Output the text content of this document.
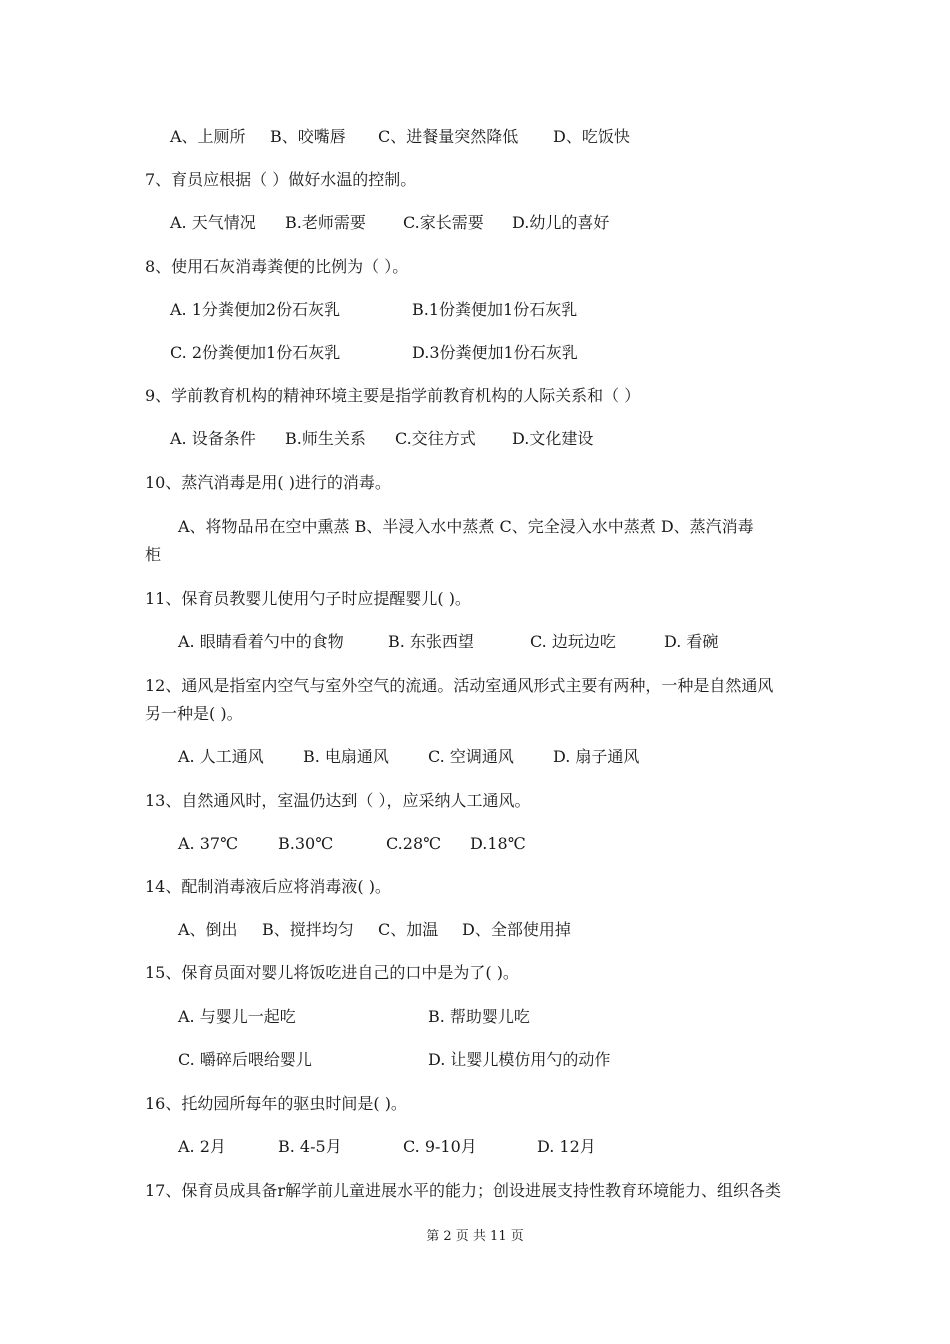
A、上厕所 B、咬嘴唇 C、进餐量突然降低 D、吃饭快
7、育员应根据（ ）做好水温的控制。
A. 天气情况 B.老师需要 C.家长需要 D.幼儿的喜好
8、使用石灰消毒粪便的比例为（ ）。
A. 1分粪便加2份石灰乳	B.1份粪便加1份石灰乳
C. 2份粪便加1份石灰乳	D.3份粪便加1份石灰乳
9、学前教育机构的精神环境主要是指学前教育机构的人际关系和（ ）
A. 设备条件 B.师生关系 C.交往方式 D.文化建设
10、蒸汽消毒是用( )进行的消毒。
A、将物品吊在空中熏蒸 B、半浸入水中蒸煮 C、完全浸入水中蒸煮 D、蒸汽消毒
柜
11、保育员教婴儿使用勺子时应提醒婴儿( )。
A. 眼睛看着勺中的食物	B. 东张西望	C. 边玩边吃	D. 看碗
12、通风是指室内空气与室外空气的流通。活动室通风形式主要有两种，一种是自然通风
另一种是( )。
A. 人工通风 B. 电扇通风 C. 空调通风 D. 扇子通风
13、自然通风时，室温仍达到（ ），应采纳人工通风。
A. 37℃	B.30℃	C.28℃ D.18℃
14、配制消毒液后应将消毒液( )。
A、倒出 B、搅拌均匀 C、加温 D、全部使用掉
15、保育员面对婴儿将饭吃进自己的口中是为了( )。
A. 与婴儿一起吃	B. 帮助婴儿吃
C. 嚼碎后喂给婴儿	D. 让婴儿模仿用勺的动作
16、托幼园所每年的驱虫时间是( )。
A. 2月	B. 4-5月	C. 9-10月	D. 12月
17、保育员成具备r解学前儿童进展水平的能力；创设进展支持性教育环境能力、组织各类
第 2 页 共 11 页
